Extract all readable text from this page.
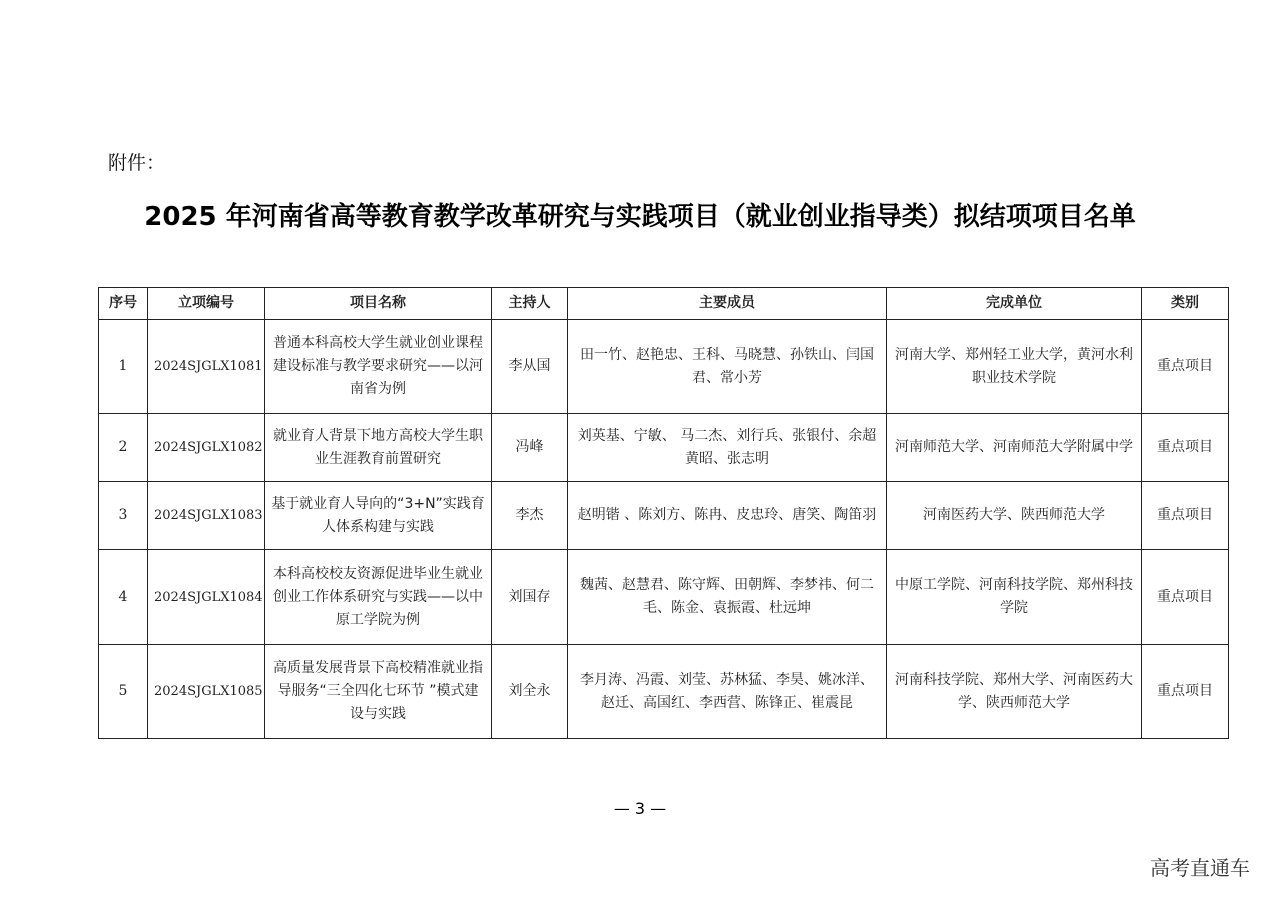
附件：
2025 年河南省高等教育教学改革研究与实践项目（就业创业指导类）拟结项项目名单
序号	立项编号	项目名称	主持人	主要成员	完成单位	类别
1	2024SJGLX1081	普通本科高校大学生就业创业课程建设标准与教学要求研究——以河南省为例	李从国	田一竹、赵艳忠、王科、马晓慧、孙铁山、闫国君、常小芳	河南大学、郑州轻工业大学，黄河水利职业技术学院	重点项目
2	2024SJGLX1082	就业育人背景下地方高校大学生职业生涯教育前置研究	冯峰	刘英基、宁敏、 马二杰、刘行兵、张银付、余超 黄昭、张志明	河南师范大学、河南师范大学附属中学	重点项目
3	2024SJGLX1083	基于就业育人导向的“3+N”实践育人体系构建与实践	李杰	赵明锴 、陈刘方、陈冉、皮忠玲、唐笑、陶笛羽	河南医药大学、陕西师范大学	重点项目
4	2024SJGLX1084	本科高校校友资源促进毕业生就业创业工作体系研究与实践——以中原工学院为例	刘国存	魏茜、赵慧君、陈守辉、田朝辉、李梦祎、何二毛、陈金、袁振霞、杜远坤	中原工学院、河南科技学院、郑州科技学院	重点项目
5	2024SJGLX1085	高质量发展背景下高校精准就业指导服务“三全四化七环节 ”模式建设与实践	刘全永	李月涛、冯霞、刘莹、苏林猛、李昊、姚冰洋、赵迁、高国红、李西营、陈锋正、崔震昆	河南科技学院、郑州大学、河南医药大学、陕西师范大学	重点项目
— 3 —
高考直通车
